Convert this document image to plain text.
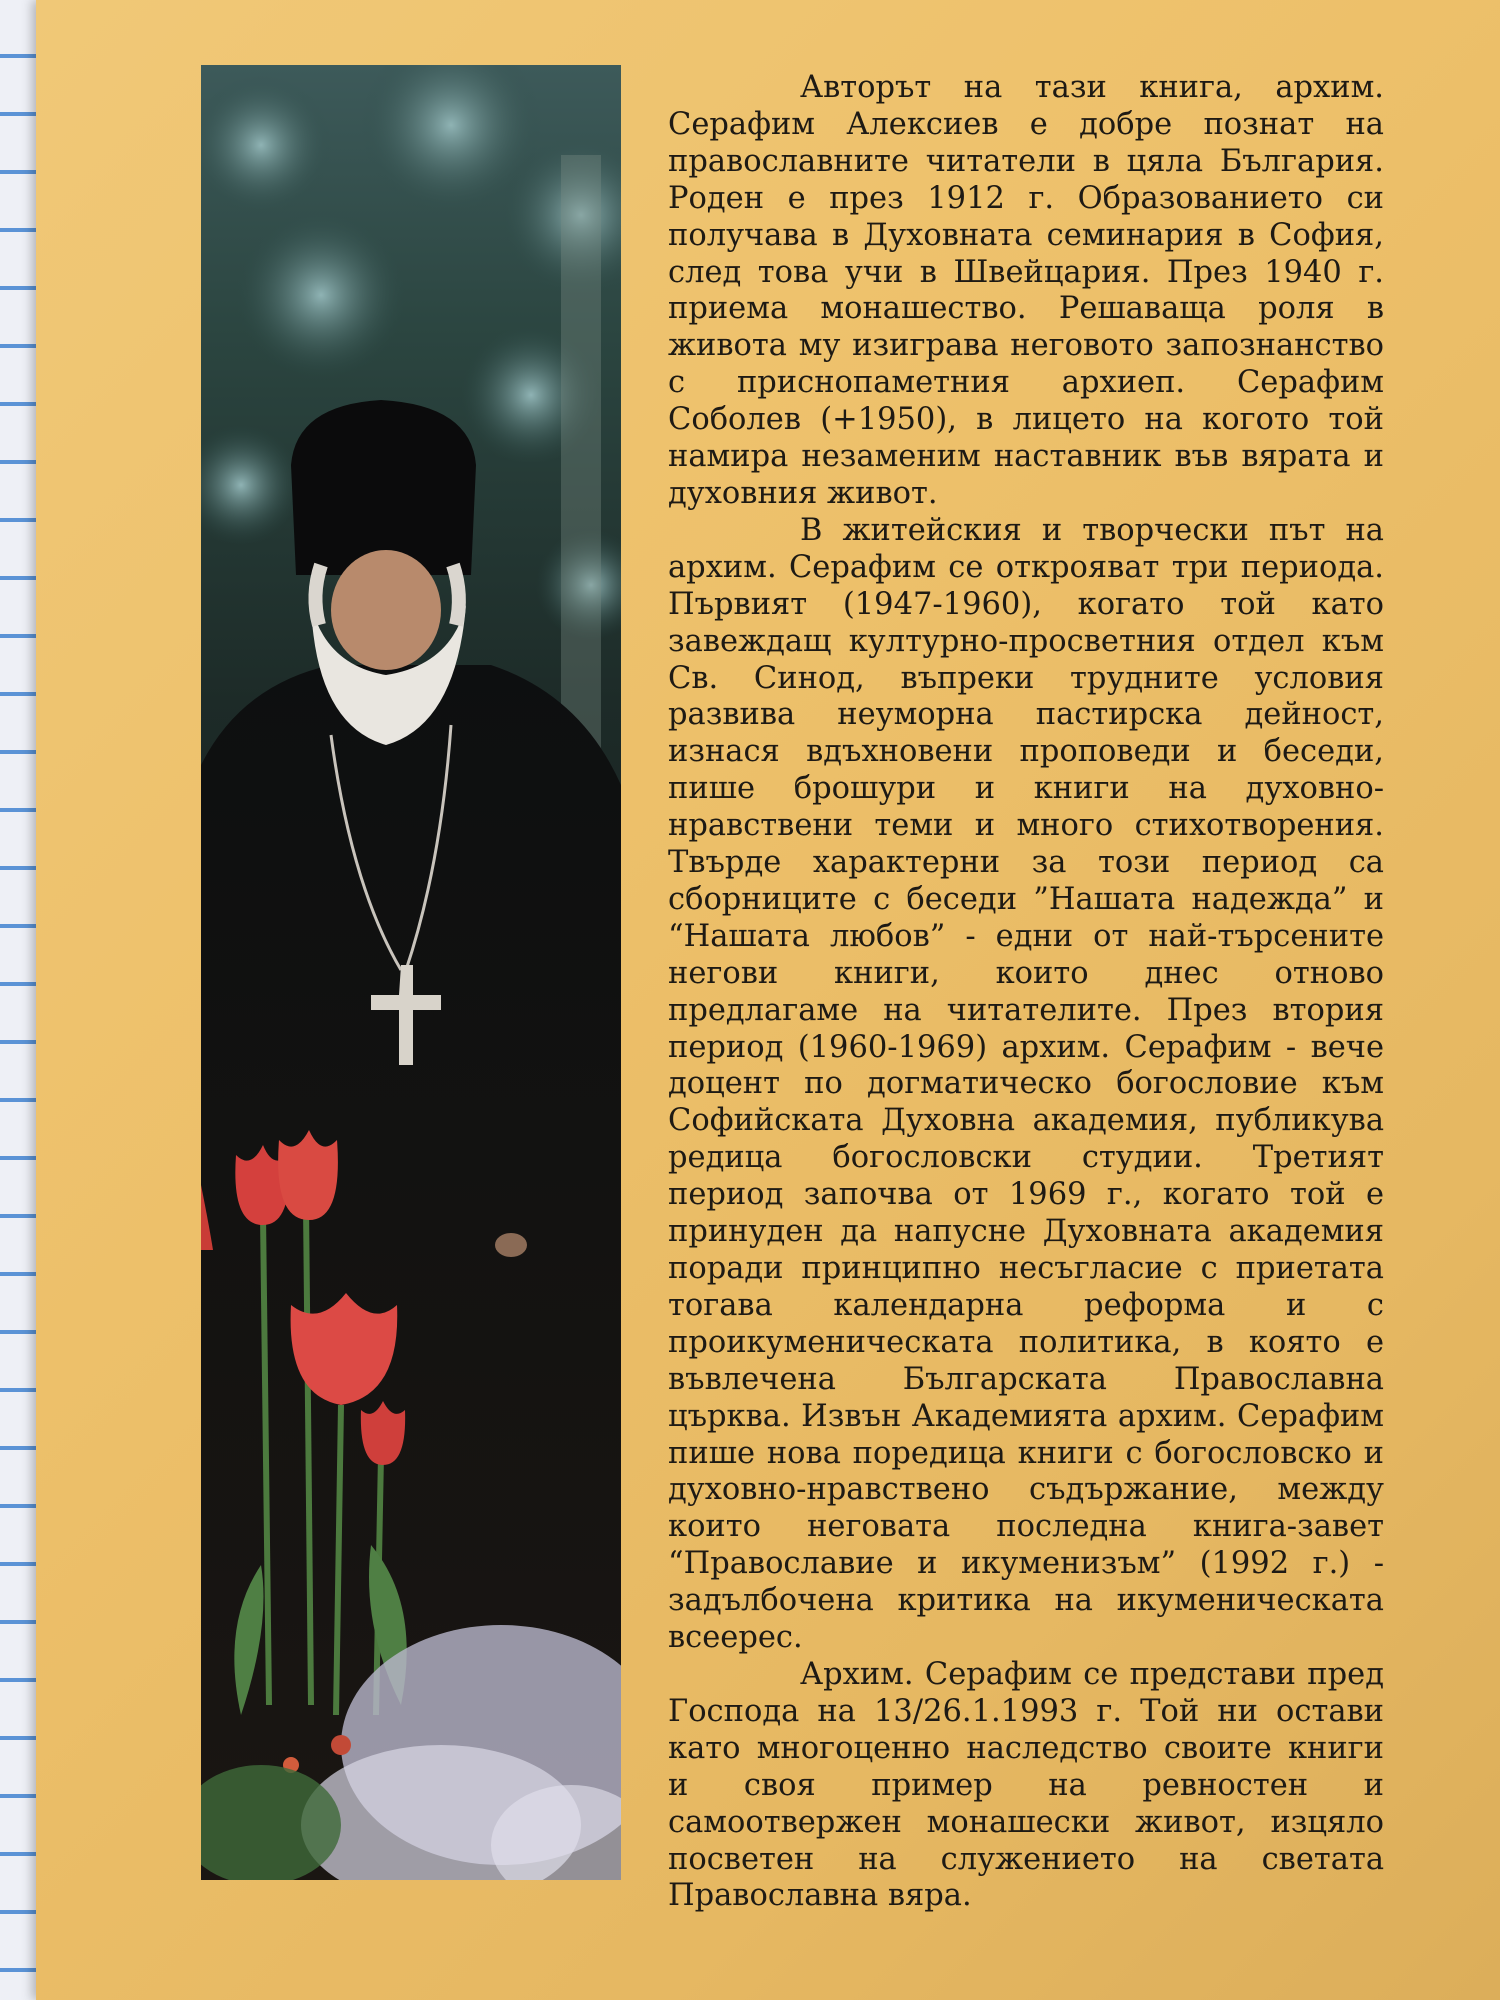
Авторът на тази книга, архим. Серафим Алексиев е добре познат на православните читатели в цяла България. Роден е през 1912 г. Образованието си получава в Духовната семинария в София, след това учи в Швейцария. През 1940 г. приема монашество. Решаваща роля в живота му изиграва неговото запознанство с приснопаметния архиеп. Серафим Соболев (+1950), в лицето на когото той намира незаменим наставник във вярата и духовния живот.

В житейския и творчески път на архим. Серафим се открояват три периода. Първият (1947-1960), когато той като завеждащ културно-просветния отдел към Св. Синод, въпреки трудните условия развива неуморна пастирска дейност, изнася вдъхновени проповеди и беседи, пише брошури и книги на духовно-нравствени теми и много стихотворения. Твърде характерни за този период са сборниците с беседи ”Нашата надежда” и “Нашата любов” - едни от най-търсените негови книги, които днес отново предлагаме на читателите. През втория период (1960-1969) архим. Серафим - вече доцент по догматическо богословие към Софийската Духовна академия, публикува редица богословски студии. Третият период започва от 1969 г., когато той е принуден да напусне Духовната академия поради принципно несъгласие с приетата тогава календарна реформа и с проикуменическата политика, в която е въвлечена Българската Православна църква. Извън Академията архим. Серафим пише нова поредица книги с богословско и духовно-нравствено съдържание, между които неговата последна книга-завет “Православие и икуменизъм” (1992 г.) - задълбочена критика на икуменическата всеерес.

Архим. Серафим се представи пред Господа на 13/26.1.1993 г. Той ни остави като многоценно наследство своите книги и своя пример на ревностен и самоотвержен монашески живот, изцяло посветен на служението на светата Православна вяра.
